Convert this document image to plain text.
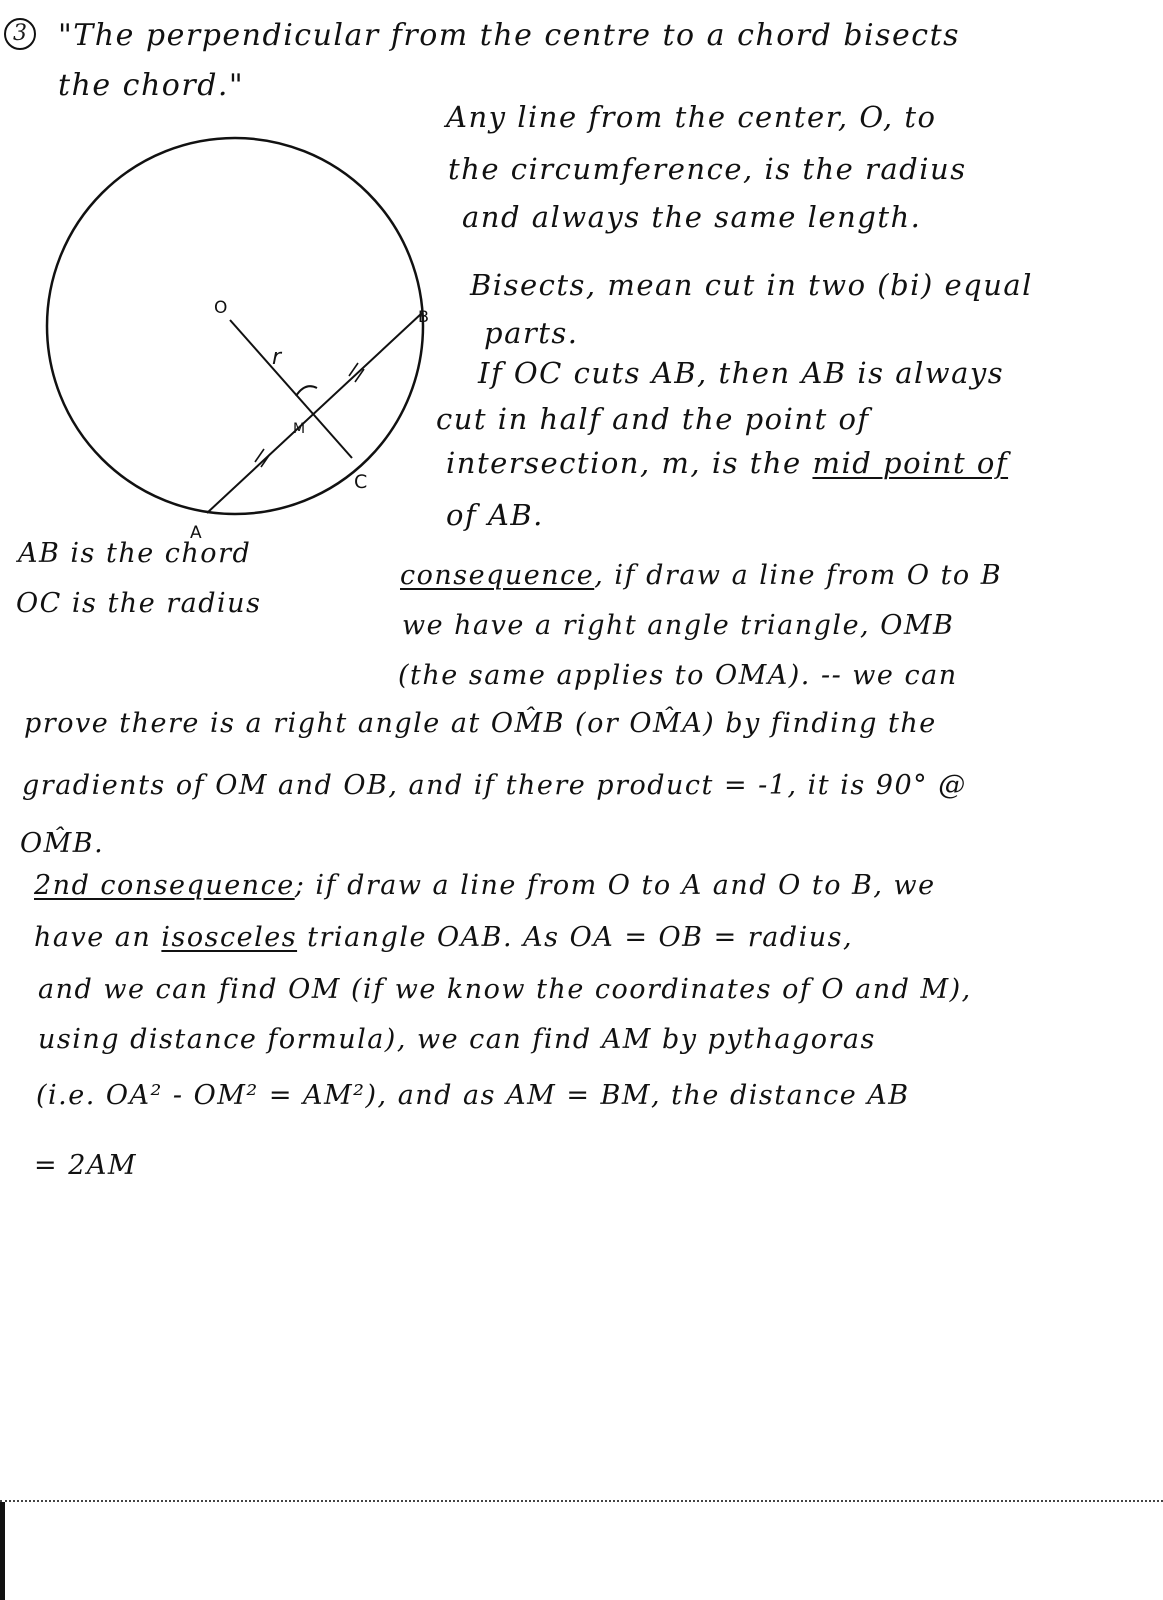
3	"The perpendicular from the centre to a chord bisects
the chord."
O
r
M
C
A
B
Any line from the center, O, to
the circumference, is the radius
and always the same length.
Bisects, mean cut in two (bi) equal
parts.
If OC cuts AB, then AB is always
cut in half and the point of
intersection, m, is the mid point of
of AB.
AB is the chord
OC is the radius
consequence, if draw a line from O to B
we have a right angle triangle, OMB
(the same applies to OMA). -- we can
prove there is a right angle at OM̂B (or OM̂A) by finding the
gradients of OM and OB, and if there product = -1, it is 90° @
OM̂B.
2nd consequence; if draw a line from O to A and O to B, we
have an isosceles triangle OAB. As OA = OB = radius,
and we can find OM (if we know the coordinates of O and M),
using distance formula), we can find AM by pythagoras
(i.e. OA² - OM² = AM²), and as AM = BM, the distance AB
= 2AM
